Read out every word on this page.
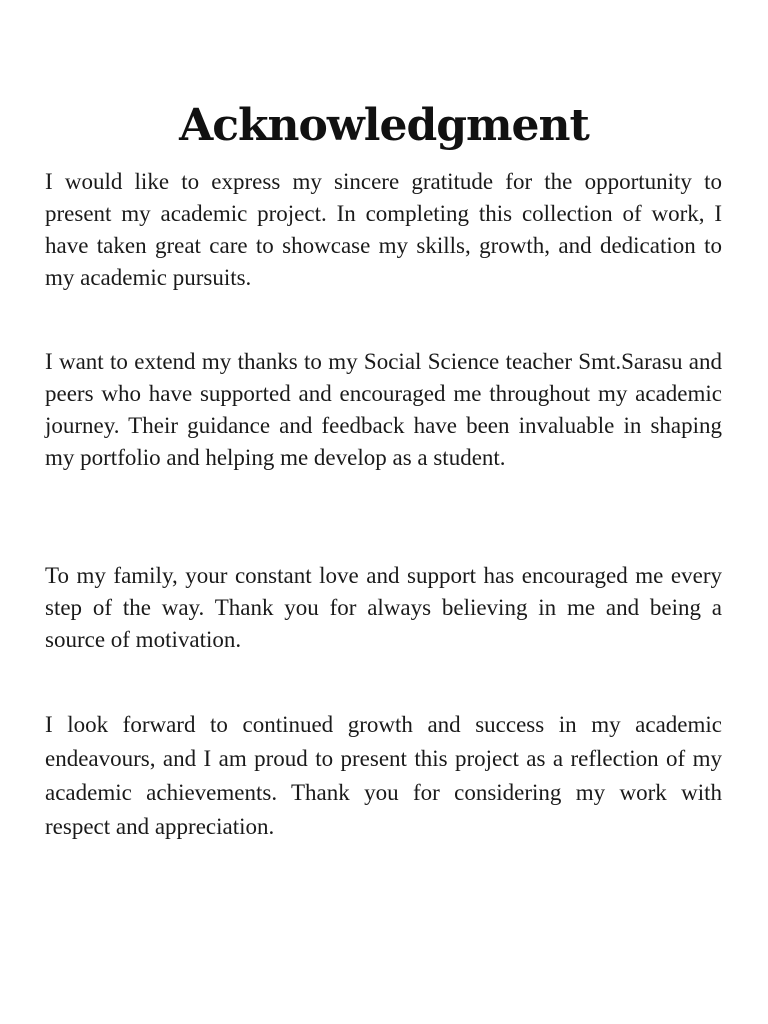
Acknowledgment

I would like to express my sincere gratitude for the opportunity to present my academic project. In completing this collection of work, I have taken great care to showcase my skills, growth, and dedication to my academic pursuits.

I want to extend my thanks to my Social Science teacher Smt.Sarasu and peers who have supported and encouraged me throughout my academic journey. Their guidance and feedback have been invaluable in shaping my portfolio and helping me develop as a student.

To my family, your constant love and support has encouraged me every step of the way. Thank you for always believing in me and being a source of motivation.

I look forward to continued growth and success in my academic endeavours, and I am proud to present this project as a reflection of my academic achievements. Thank you for considering my work with respect and appreciation.
